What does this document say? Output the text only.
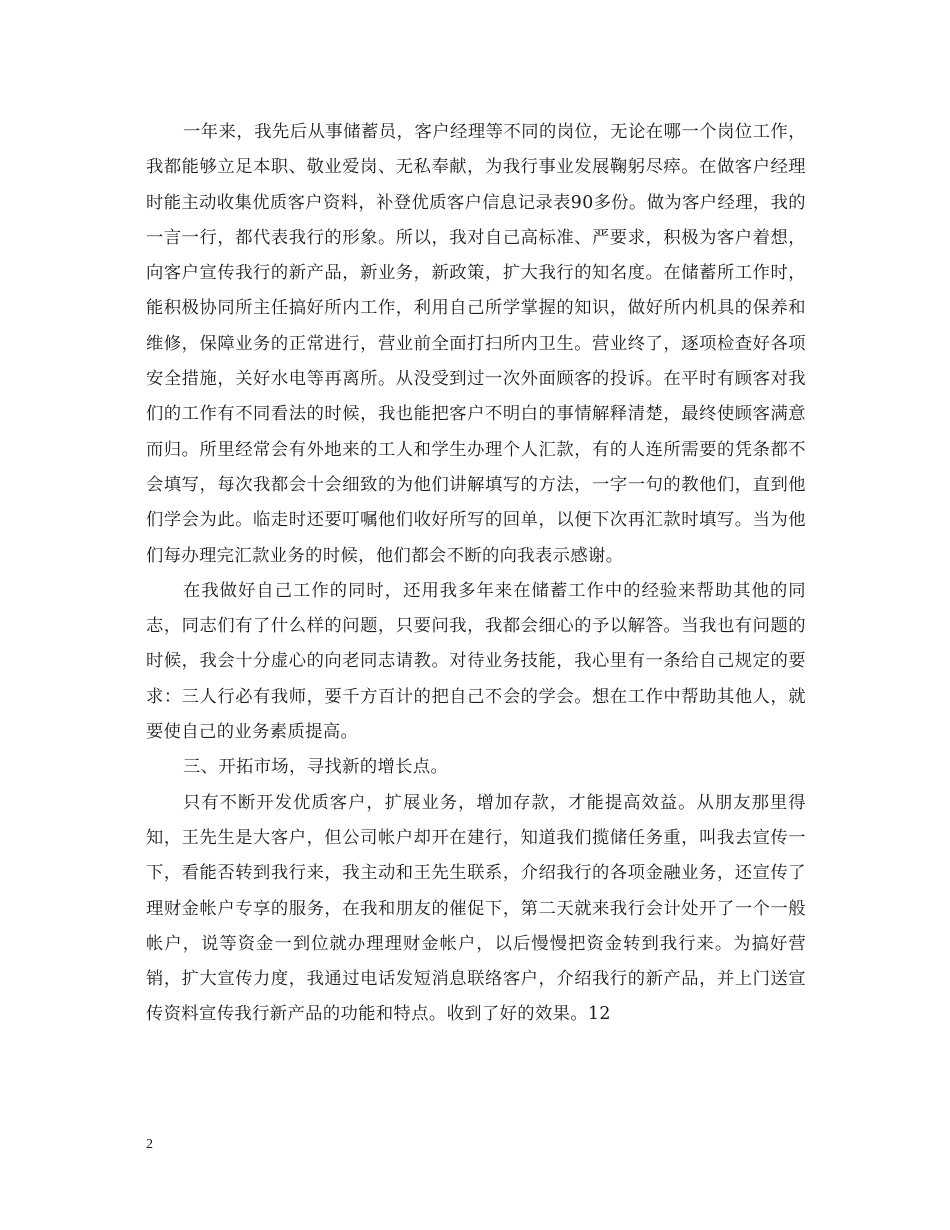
一年来，我先后从事储蓄员，客户经理等不同的岗位，无论在哪一个岗位工作，我都能够立足本职、敬业爱岗、无私奉献，为我行事业发展鞠躬尽瘁。在做客户经理时能主动收集优质客户资料，补登优质客户信息记录表90多份。做为客户经理，我的一言一行，都代表我行的形象。所以，我对自己高标准、严要求，积极为客户着想，向客户宣传我行的新产品，新业务，新政策，扩大我行的知名度。在储蓄所工作时，能积极协同所主任搞好所内工作，利用自己所学掌握的知识，做好所内机具的保养和维修，保障业务的正常进行，营业前全面打扫所内卫生。营业终了，逐项检查好各项安全措施，关好水电等再离所。从没受到过一次外面顾客的投诉。在平时有顾客对我们的工作有不同看法的时候，我也能把客户不明白的事情解释清楚，最终使顾客满意而归。所里经常会有外地来的工人和学生办理个人汇款，有的人连所需要的凭条都不会填写，每次我都会十会细致的为他们讲解填写的方法，一字一句的教他们，直到他们学会为此。临走时还要叮嘱他们收好所写的回单，以便下次再汇款时填写。当为他们每办理完汇款业务的时候，他们都会不断的向我表示感谢。

在我做好自己工作的同时，还用我多年来在储蓄工作中的经验来帮助其他的同志，同志们有了什么样的问题，只要问我，我都会细心的予以解答。当我也有问题的时候，我会十分虚心的向老同志请教。对待业务技能，我心里有一条给自己规定的要求：三人行必有我师，要千方百计的把自己不会的学会。想在工作中帮助其他人，就要使自己的业务素质提高。

三、开拓市场，寻找新的增长点。

只有不断开发优质客户，扩展业务，增加存款，才能提高效益。从朋友那里得知，王先生是大客户，但公司帐户却开在建行，知道我们揽储任务重，叫我去宣传一下，看能否转到我行来，我主动和王先生联系，介绍我行的各项金融业务，还宣传了理财金帐户专享的服务，在我和朋友的催促下，第二天就来我行会计处开了一个一般帐户，说等资金一到位就办理理财金帐户，以后慢慢把资金转到我行来。为搞好营销，扩大宣传力度，我通过电话发短消息联络客户，介绍我行的新产品，并上门送宣传资料宣传我行新产品的功能和特点。收到了好的效果。12

2
